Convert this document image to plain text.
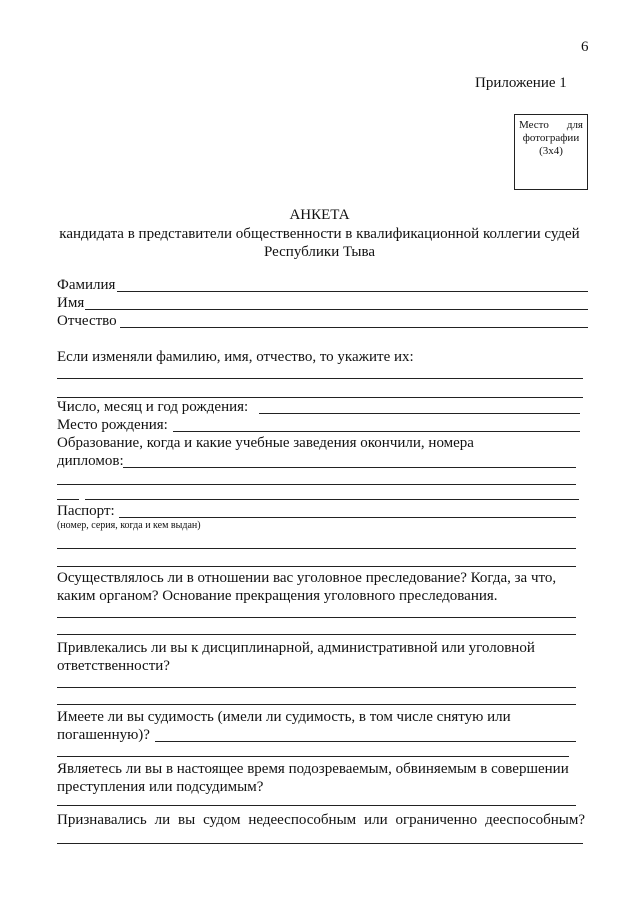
6
Приложение 1
Место для
фотографии
(3x4)
АНКЕТА
кандидата в представители общественности в квалификационной коллегии судей
Республики Тыва
Фамилия
Имя
Отчество
Если изменяли фамилию, имя, отчество, то укажите их:
Число, месяц и год рождения:
Место рождения:
Образование, когда и какие учебные заведения окончили, номера
дипломов:
Паспорт:
(номер, серия, когда и кем выдан)
Осуществлялось ли в отношении вас уголовное преследование? Когда, за что,
каким органом? Основание прекращения уголовного преследования.
Привлекались ли вы к дисциплинарной, административной или уголовной
ответственности?
Имеете ли вы судимость (имели ли судимость, в том числе снятую или
погашенную)?
Являетесь ли вы в настоящее время подозреваемым, обвиняемым в совершении
преступления или подсудимым?
Признавались ли вы судом недееспособным или ограниченно дееспособным?
